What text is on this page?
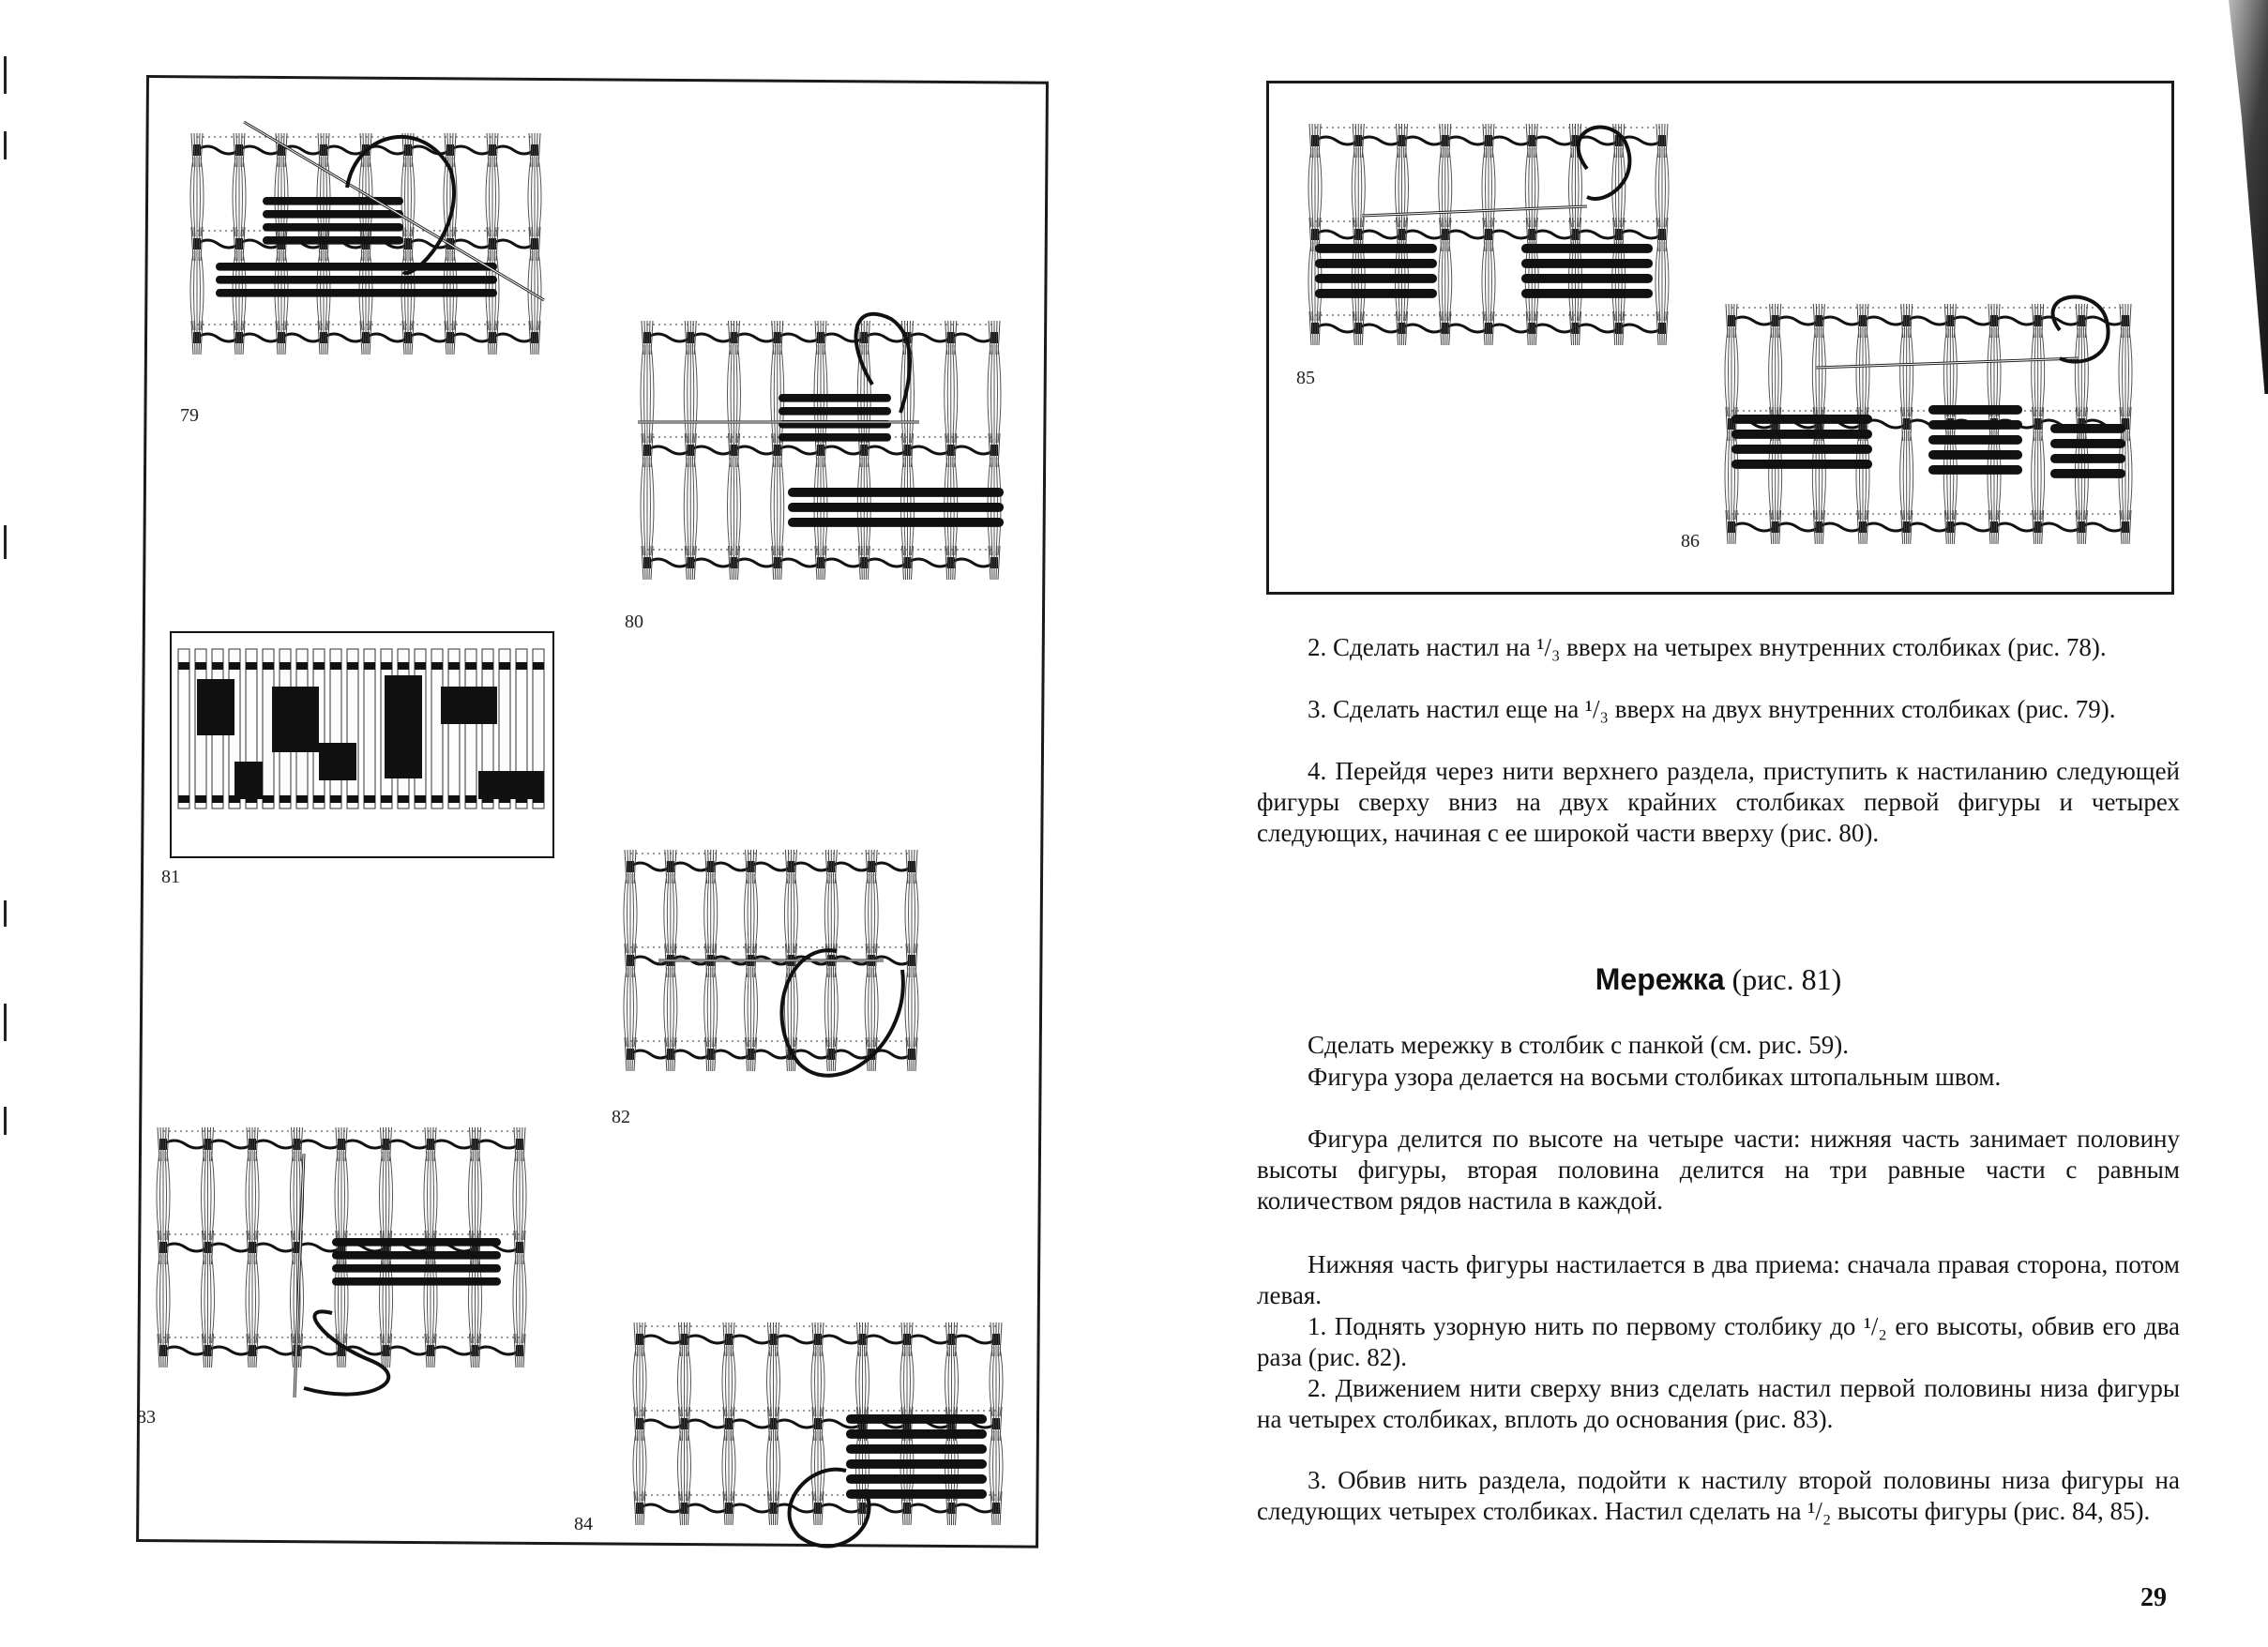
79
80
81
82
83
84
85
86
2. Сделать настил на ¹/₃ вверх на четырех внутренних столбиках (рис. 78).
3. Сделать настил еще на ¹/₃ вверх на двух внутренних столбиках (рис. 79).
4. Перейдя через нити верхнего раздела, приступить к настиланию следующей фигуры сверху вниз на двух крайних столбиках первой фигуры и четырех следующих, начиная с ее широкой части вверху (рис. 80).
Мережка (рис. 81)
Сделать мережку в столбик с панкой (см. рис. 59).
Фигура узора делается на восьми столбиках штопальным швом.
Фигура делится по высоте на четыре части: нижняя часть занимает половину высоты фигуры, вторая половина делится на три равные части с равным количеством рядов настила в каждой.
Нижняя часть фигуры настилается в два приема: сначала правая сторона, потом левая.
1. Поднять узорную нить по первому столбику до ¹/₂ его высоты, обвив его два раза (рис. 82).
2. Движением нити сверху вниз сделать настил первой половины низа фигуры на четырех столбиках, вплоть до основания (рис. 83).
3. Обвив нить раздела, подойти к настилу второй половины низа фигуры на следующих четырех столбиках. Настил сделать на ¹/₂ высоты фигуры (рис. 84, 85).
29
